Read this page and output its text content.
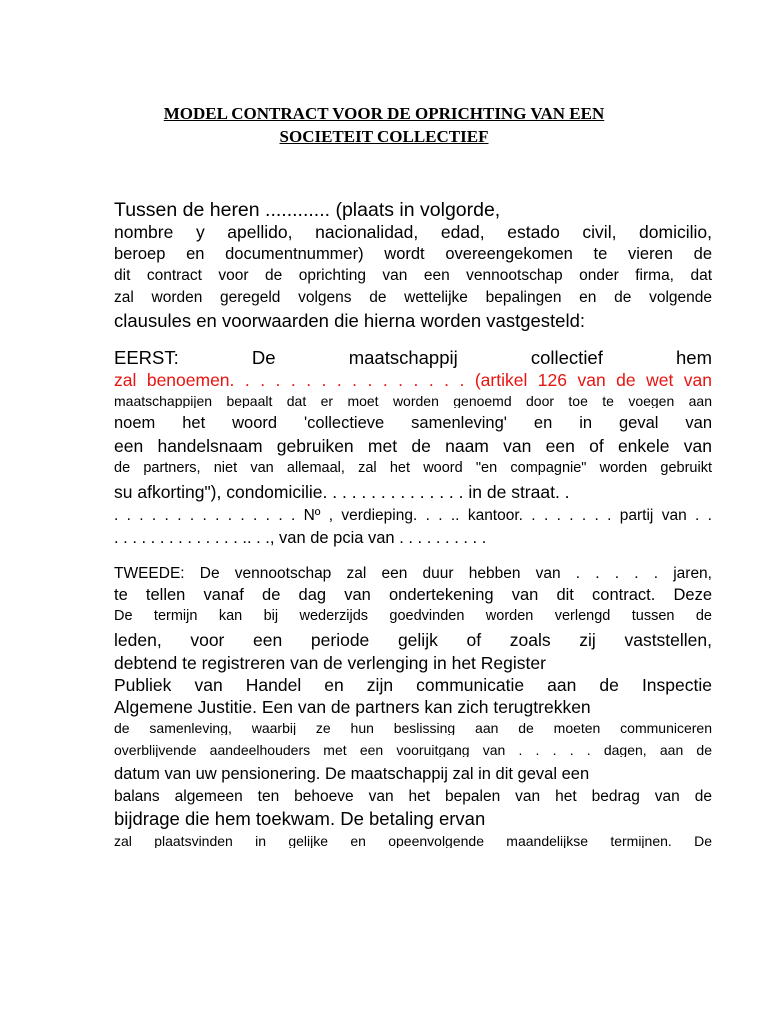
MODEL CONTRACT VOOR DE OPRICHTING VAN EEN
SOCIETEIT COLLECTIEF
Tussen de heren ............ (plaats in volgorde,
nombre y apellido, nacionalidad, edad, estado civil, domicilio,
beroep en documentnummer) wordt overeengekomen te vieren de
dit contract voor de oprichting van een vennootschap onder firma, dat
zal worden geregeld volgens de wettelijke bepalingen en de volgende
clausules en voorwaarden die hierna worden vastgesteld:
EERST: De maatschappij collectief hem
zal benoemen. . . . . . . . . . . . . . . . (artikel 126 van de wet van
maatschappijen bepaalt dat er moet worden genoemd door toe te voegen aan
noem het woord 'collectieve samenleving' en in geval van
een handelsnaam gebruiken met de naam van een of enkele van
de partners, niet van allemaal, zal het woord "en compagnie" worden gebruikt
su afkorting"), condomicilie. . . . . . . . . . . . . . . in de straat. .
. . . . . . . . . . . . . . . Nº , verdieping. . . .. kantoor. . . . . . . . partij van . .
. . . . . . . . . . . . . . .. . ., van de pcia van . . . . . . . . . .
TWEEDE: De vennootschap zal een duur hebben van . . . . . jaren,
te tellen vanaf de dag van ondertekening van dit contract. Deze
De termijn kan bij wederzijds goedvinden worden verlengd tussen de
leden, voor een periode gelijk of zoals zij vaststellen,
debtend te registreren van de verlenging in het Register
Publiek van Handel en zijn communicatie aan de Inspectie
Algemene Justitie. Een van de partners kan zich terugtrekken
de samenleving, waarbij ze hun beslissing aan de moeten communiceren
overblijvende aandeelhouders met een vooruitgang van . . . . . dagen, aan de
datum van uw pensionering. De maatschappij zal in dit geval een
balans algemeen ten behoeve van het bepalen van het bedrag van de
bijdrage die hem toekwam. De betaling ervan
zal plaatsvinden in gelijke en opeenvolgende maandelijkse termijnen. De
